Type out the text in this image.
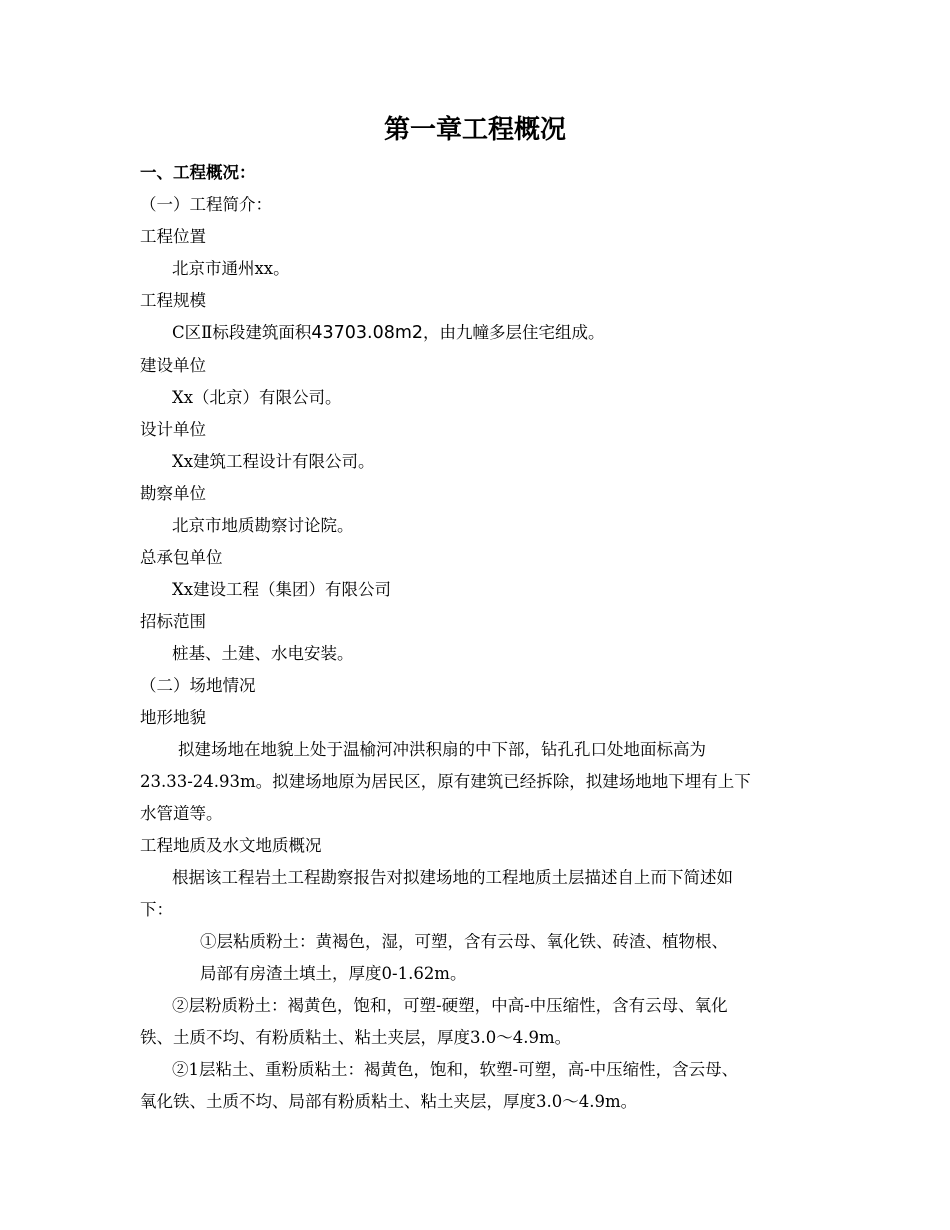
第一章工程概况
一、工程概况：
（一）工程简介：
工程位置
北京市通州xx。
工程规模
C区Ⅱ标段建筑面积43703.08m2，由九幢多层住宅组成。
建设单位
Xx（北京）有限公司。
设计单位
Xx建筑工程设计有限公司。
勘察单位
北京市地质勘察讨论院。
总承包单位
Xx建设工程（集团）有限公司
招标范围
桩基、土建、水电安装。
（二）场地情况
地形地貌
拟建场地在地貌上处于温榆河冲洪积扇的中下部，钻孔孔口处地面标高为
23.33-24.93m。拟建场地原为居民区，原有建筑已经拆除，拟建场地地下埋有上下
水管道等。
工程地质及水文地质概况
根据该工程岩土工程勘察报告对拟建场地的工程地质土层描述自上而下简述如
下：
①层粘质粉土：黄褐色，湿，可塑，含有云母、氧化铁、砖渣、植物根、
局部有房渣土填土，厚度0-1.62m。
②层粉质粉土：褐黄色，饱和，可塑-硬塑，中高-中压缩性，含有云母、氧化
铁、土质不均、有粉质粘土、粘土夹层，厚度3.0～4.9m。
②1层粘土、重粉质粘土：褐黄色，饱和，软塑-可塑，高-中压缩性，含云母、
氧化铁、土质不均、局部有粉质粘土、粘土夹层，厚度3.0～4.9m。
